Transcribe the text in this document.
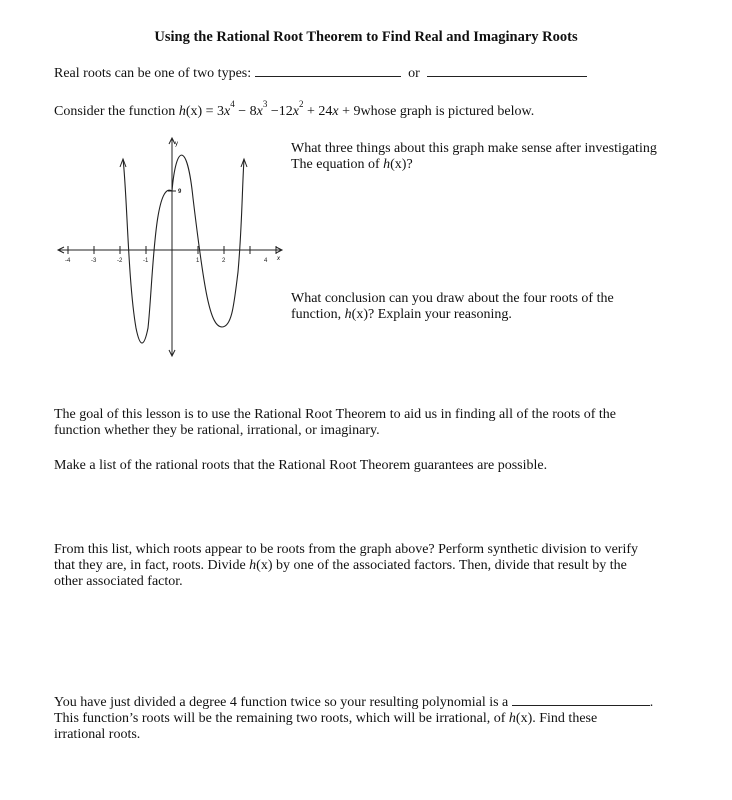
Using the Rational Root Theorem to Find Real and Imaginary Roots
Real roots can be one of two types:	or
Consider the function $h(x) = 3x^4 - 8x^3 -12x^2 + 24x$ + 9whose graph is pictured below.
y
x
-4	-3	-2	-1	1	2	4
9
What three things about this graph make sense after investigating
The equation of h(x)?
What conclusion can you draw about the four roots of the
function, h(x)? Explain your reasoning.
The goal of this lesson is to use the Rational Root Theorem to aid us in finding all of the roots of the
function whether they be rational, irrational, or imaginary.
Make a list of the rational roots that the Rational Root Theorem guarantees are possible.
From this list, which roots appear to be roots from the graph above? Perform synthetic division to verify
that they are, in fact, roots. Divide h(x) by one of the associated factors. Then, divide that result by the
other associated factor.
You have just divided a degree 4 function twice so your resulting polynomial is a	.
This function’s roots will be the remaining two roots, which will be irrational, of h(x). Find these
irrational roots.
